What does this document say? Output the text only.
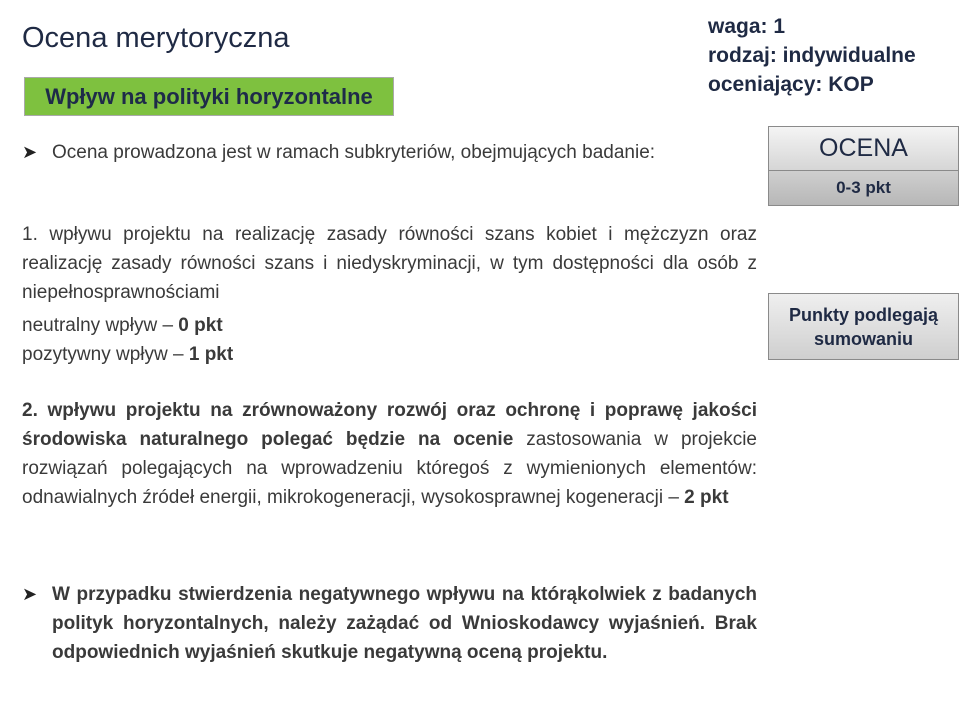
Ocena merytoryczna
Wpływ na polityki horyzontalne
waga: 1
rodzaj: indywidualne
oceniający: KOP
OCENA
0-3 pkt
Punkty podlegają
sumowaniu
➤ Ocena prowadzona jest w ramach subkryteriów, obejmujących badanie:
1. wpływu projektu na realizację zasady równości szans kobiet i mężczyzn oraz realizację zasady równości szans i niedyskryminacji, w tym dostępności dla osób z niepełnosprawnościami
neutralny wpływ – 0 pkt
pozytywny wpływ – 1 pkt
2. wpływu projektu na zrównoważony rozwój oraz ochronę i poprawę jakości środowiska naturalnego polegać będzie na ocenie zastosowania w projekcie rozwiązań polegających na wprowadzeniu któregoś z wymienionych elementów: odnawialnych źródeł energii, mikrokogeneracji, wysokosprawnej kogeneracji – 2 pkt
➤ W przypadku stwierdzenia negatywnego wpływu na którąkolwiek z badanych polityk horyzontalnych, należy zażądać od Wnioskodawcy wyjaśnień. Brak odpowiednich wyjaśnień skutkuje negatywną oceną projektu.
